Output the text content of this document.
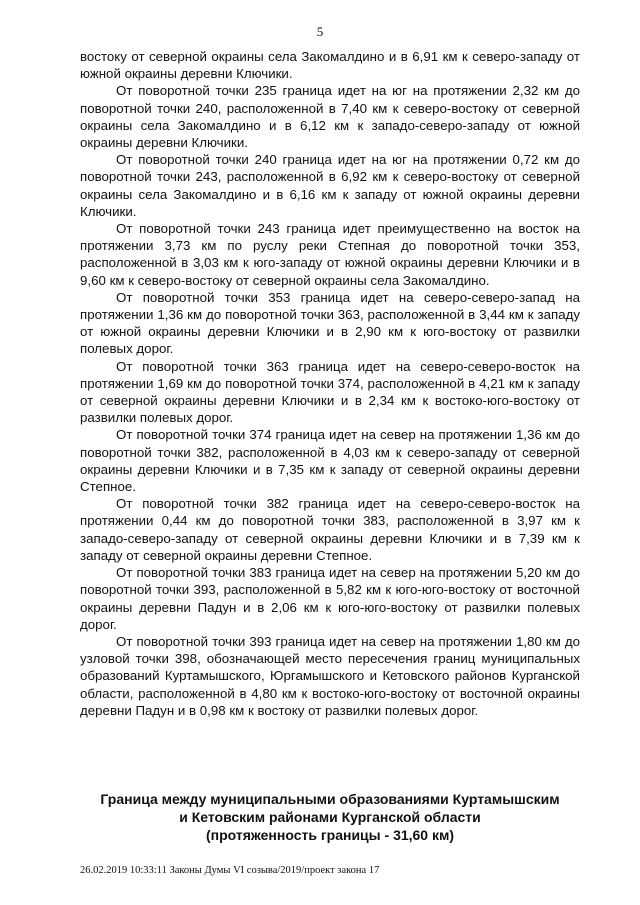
5

востоку от северной окраины села Закомалдино и в 6,91 км к северо-западу от южной окраины деревни Ключики.

От поворотной точки 235 граница идет на юг на протяжении 2,32 км до поворотной точки 240, расположенной в 7,40 км к северо-востоку от северной окраины села Закомалдино и в 6,12 км к западо-северо-западу от южной окраины деревни Ключики.

От поворотной точки 240 граница идет на юг на протяжении 0,72 км до поворотной точки 243, расположенной в 6,92 км к северо-востоку от северной окраины села Закомалдино и в 6,16 км к западу от южной окраины деревни Ключики.

От поворотной точки 243 граница идет преимущественно на восток на протяжении 3,73 км по руслу реки Степная до поворотной точки 353, расположенной в 3,03 км к юго-западу от южной окраины деревни Ключики и в 9,60 км к северо-востоку от северной окраины села Закомалдино.

От поворотной точки 353 граница идет на северо-северо-запад на протяжении 1,36 км до поворотной точки 363, расположенной в 3,44 км к западу от южной окраины деревни Ключики и в 2,90 км к юго-востоку от развилки полевых дорог.

От поворотной точки 363 граница идет на северо-северо-восток на протяжении 1,69 км до поворотной точки 374, расположенной в 4,21 км к западу от северной окраины деревни Ключики и в 2,34 км к востоко-юго-востоку от развилки полевых дорог.

От поворотной точки 374 граница идет на север на протяжении 1,36 км до поворотной точки 382, расположенной в 4,03 км к северо-западу от северной окраины деревни Ключики и в 7,35 км к западу от северной окраины деревни Степное.

От поворотной точки 382 граница идет на северо-северо-восток на протяжении 0,44 км до поворотной точки 383, расположенной в 3,97 км к западо-северо-западу от северной окраины деревни Ключики и в 7,39 км к западу от северной окраины деревни Степное.

От поворотной точки 383 граница идет на север на протяжении 5,20 км до поворотной точки 393, расположенной в 5,82 км к юго-юго-востоку от восточной окраины деревни Падун и в 2,06 км к юго-юго-востоку от развилки полевых дорог.

От поворотной точки 393 граница идет на север на протяжении 1,80 км до узловой точки 398, обозначающей место пересечения границ муниципальных образований Куртамышского, Юргамышского и Кетовского районов Курганской области, расположенной в 4,80 км к востоко-юго-востоку от восточной окраины деревни Падун и в 0,98 км к востоку от развилки полевых дорог.

Граница между муниципальными образованиями Куртамышским
и Кетовским районами Курганской области
(протяженность границы - 31,60 км)
26.02.2019 10:33:11 Законы Думы VI созыва/2019/проект закона 17
